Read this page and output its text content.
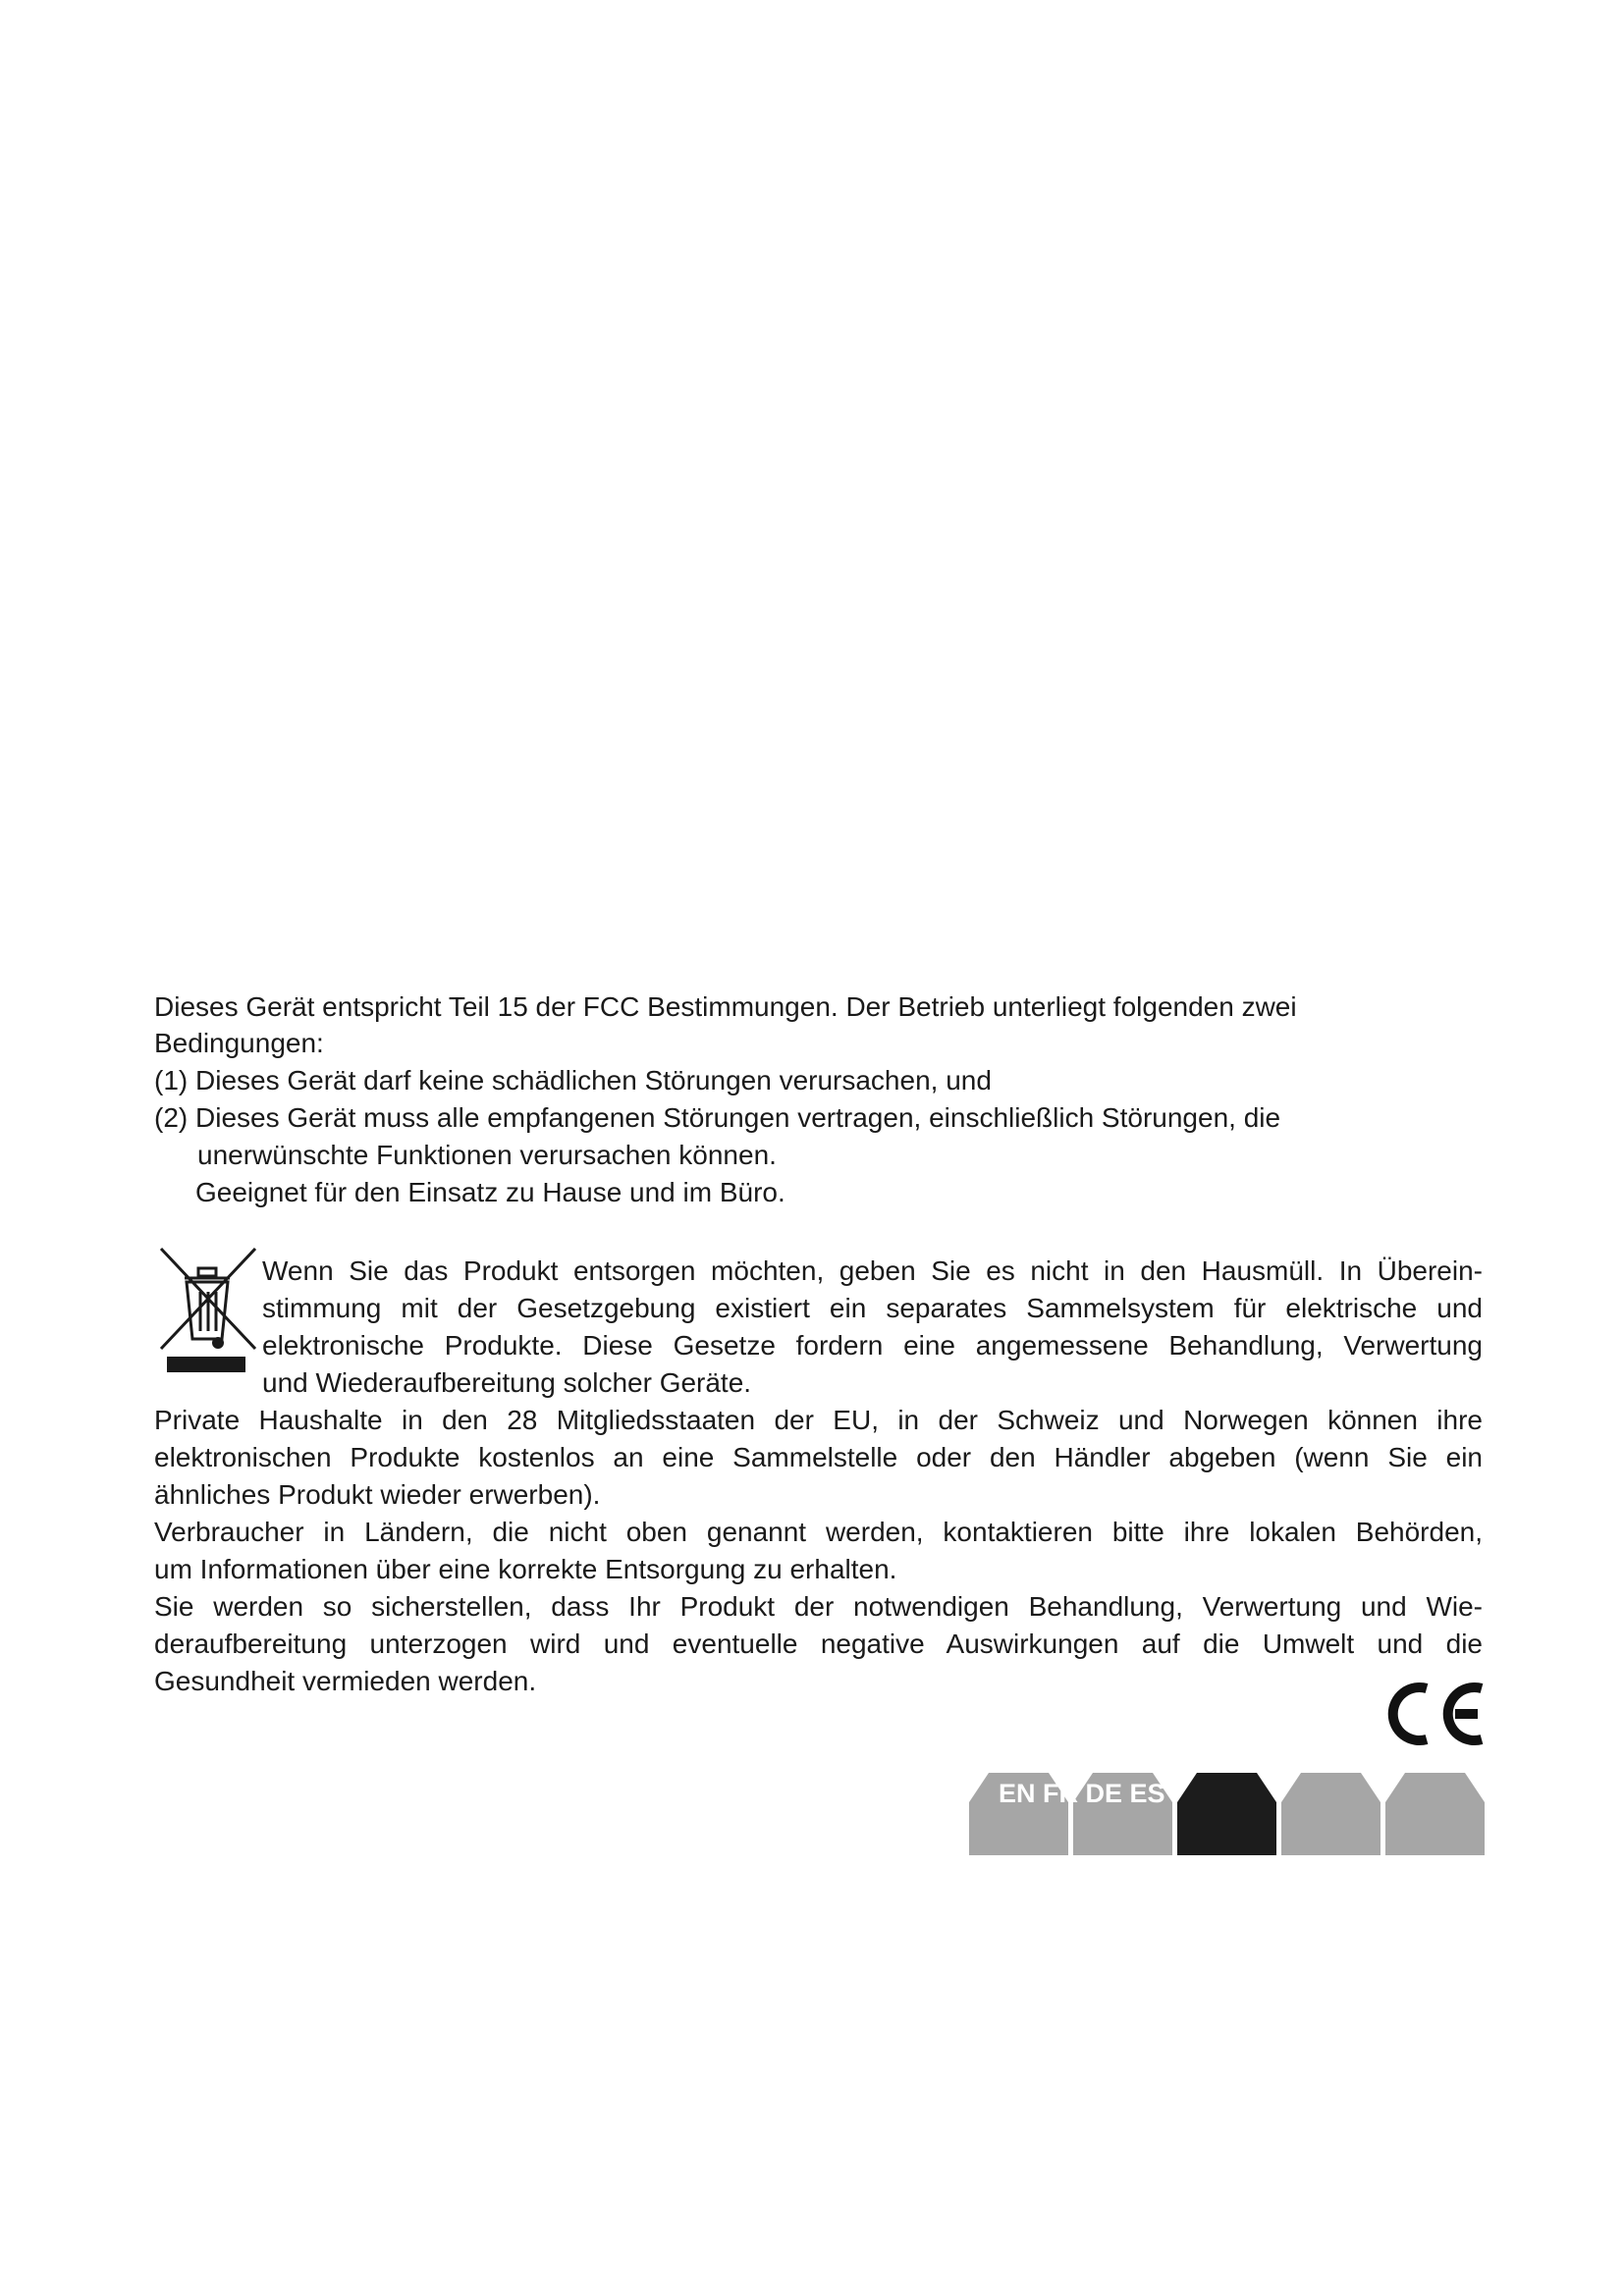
Dieses Gerät entspricht Teil 15 der FCC Bestimmungen. Der Betrieb unterliegt folgenden zwei
Bedingungen:
(1) Dieses Gerät darf keine schädlichen Störungen verursachen, und
(2) Dieses Gerät muss alle empfangenen Störungen vertragen, einschließlich Störungen, die
unerwünschte Funktionen verursachen können.
Geeignet für den Einsatz zu Hause und im Büro.
Wenn Sie das Produkt entsorgen möchten, geben Sie es nicht in den Hausmüll. In Überein-
stimmung mit der Gesetzgebung existiert ein separates Sammelsystem für elektrische und
elektronische Produkte. Diese Gesetze fordern eine angemessene Behandlung, Verwertung
und Wiederaufbereitung solcher Geräte.
Private Haushalte in den 28 Mitgliedsstaaten der EU, in der Schweiz und Norwegen können ihre
elektronischen Produkte kostenlos an eine Sammelstelle oder den Händler abgeben (wenn Sie ein
ähnliches Produkt wieder erwerben).
Verbraucher in Ländern, die nicht oben genannt werden, kontaktieren bitte ihre lokalen Behörden,
um Informationen über eine korrekte Entsorgung zu erhalten.
Sie werden so sicherstellen, dass Ihr Produkt der notwendigen Behandlung, Verwertung und Wie-
deraufbereitung unterzogen wird und eventuelle negative Auswirkungen auf die Umwelt und die
Gesundheit vermieden werden.
EN FR DE ES
